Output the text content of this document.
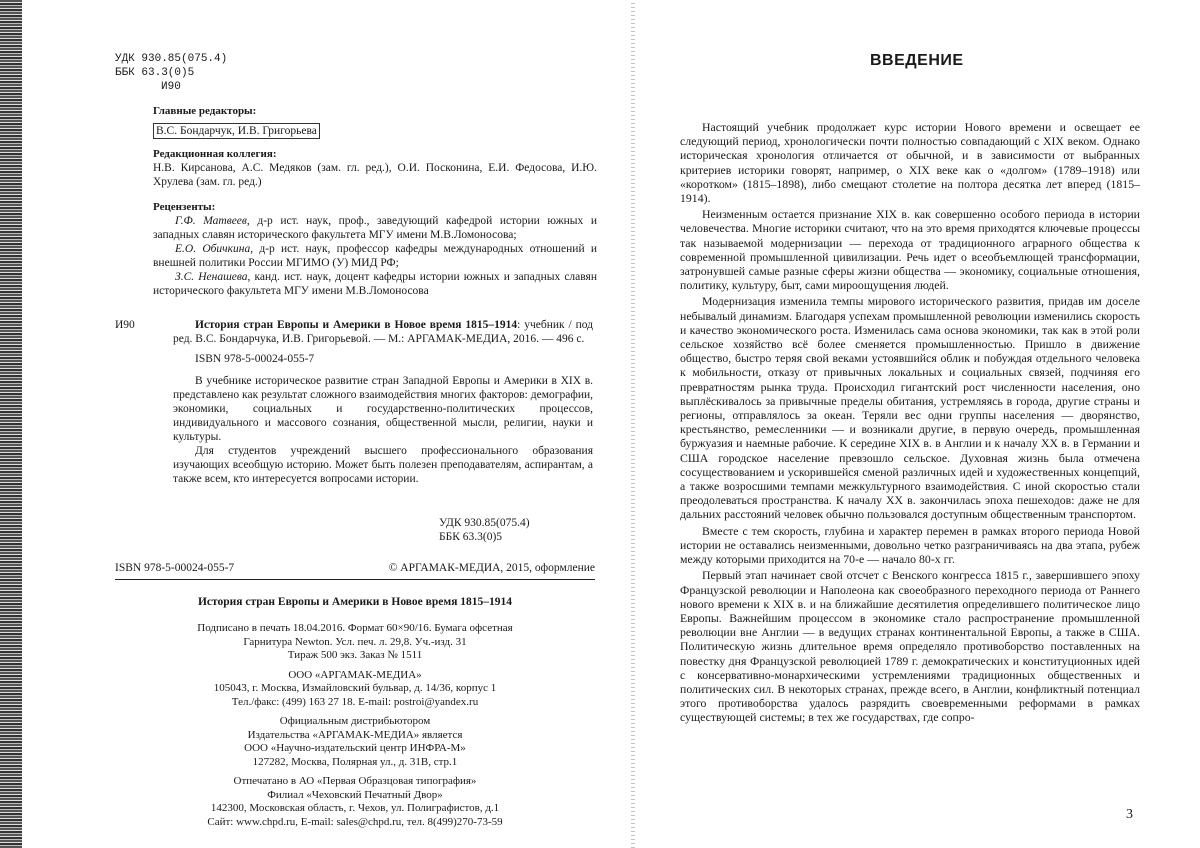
УДК 930.85(075.4)
ББК 63.3(0)5
И90
Главные редакторы:
В.С. Бондарчук, И.В. Григорьева
Редакционная коллегия:
Н.В. Кирсанова, А.С. Медяков (зам. гл. ред.), О.И. Посконина, Е.И. Федосова, И.Ю. Хрулева (зам. гл. ред.)
Рецензенты:
Г.Ф. Матвеев, д-р ист. наук, проф., заведующий кафедрой истории южных и западных славян исторического факультета МГУ имени М.В.Ломоносова;
Е.О. Обичкина, д-р ист. наук, профессор кафедры международных отношений и внешней политики России МГИМО (У) МИД РФ;
З.С. Ненашева, канд. ист. наук, доцент кафедры истории южных и западных славян исторического факультета МГУ имени М.В.Ломоносова
И90	История стран Европы и Америки в Новое время 1815–1914: учебник / под ред. В.С. Бондарчука, И.В. Григорьевой. — М.: АРГАМАК-МЕДИА, 2016. — 496 с.
ISBN 978-5-00024-055-7
В учебнике историческое развитие стран Западной Европы и Америки в XIX в. представлено как результат сложного взаимодействия многих факторов: демографии, экономики, социальных и государственно-политических процессов, индивидуального и массового сознания, общественной мысли, религии, науки и культуры.
Для студентов учреждений высшего профессионального образования изучающих всеобщую историю. Может быть полезен преподавателям, аспирантам, а также всем, кто интересуется вопросами истории.
УДК 930.85(075.4)
ББК 63.3(0)5
ISBN 978-5-00024-055-7	© АРГАМАК-МЕДИА, 2015, оформление
История стран Европы и Америки в Новое время 1815–1914
Подписано в печать 18.04.2016. Формат 60×90/16. Бумага офсетная
Гарнитура Newton. Усл. печ. л. 29,8. Уч.-изд. 31
Тираж 500 экз. Заказ № 1511
ООО «АРГАМАК-МЕДИА»
105043, г. Москва, Измайловский бульвар, д. 14/36, корпус 1
Тел./факс: (499) 163 27 18. E-mail: postroi@yandex.ru
Официальным дистрибьютором
Издательства «АРГАМАК-МЕДИА» является
ООО «Научно-издательский центр ИНФРА-М»
127282, Москва, Полярная ул., д. 31В, стр.1
Отпечатано в АО «Первая Образцовая типография»
Филиал «Чеховский Печатный Двор»
142300, Московская область, г. Чехов, ул. Полиграфистов, д.1
Сайт: www.chpd.ru, E-mail: sales@chpd.ru, тел. 8(499)270-73-59
ВВЕДЕНИЕ

Настоящий учебник продолжает курс истории Нового времени и освещает ее следующий период, хронологически почти полностью совпадающий с XIX веком. Однако историческая хронология отличается от обычной, и в зависимости от выбранных критериев историки говорят, например, о XIX веке как о «долгом» (1789–1918) или «коротком» (1815–1898), либо смещают столетие на полтора десятка лет вперед (1815–1914).

Неизменным остается признание XIX в. как совершенно особого периода в истории человечества. Многие историки считают, что на это время приходятся ключевые процессы так называемой модернизации — перехода от традиционного аграрного общества к современной промышленной цивилизации. Речь идет о всеобъемлющей трансформации, затронувшей самые разные сферы жизни общества — экономику, социальные отношения, политику, культуру, быт, сами мироощущения людей.

Модернизация изменила темпы мирового исторического развития, придав им доселе небывалый динамизм. Благодаря успехам промышленной революции изменились скорость и качество экономического роста. Изменилась сама основа экономики, так как в этой роли сельское хозяйство всё более сменяется промышленностью. Пришло в движение общество, быстро теряя свой веками устоявшийся облик и побуждая отдельного человека к мобильности, отказу от привычных локальных и социальных связей, подчиняя его превратностям рынка труда. Происходил гигантский рост численности населения, оно выплёскивалось за привычные пределы обитания, устремляясь в города, другие страны и регионы, отправлялось за океан. Теряли вес одни группы населения — дворянство, крестьянство, ремесленники — и возникали другие, в первую очередь, промышленная буржуазия и наемные рабочие. К середине XIX в. в Англии и к началу XX в. в Германии и США городское население превзошло сельское. Духовная жизнь была отмечена сосуществованием и ускорившейся сменой различных идей и художественных концепций, а также возросшими темпами межкультурного взаимодействия. С иной скоростью стали преодолеваться пространства. К началу XX в. закончилась эпоха пешеходов: даже не для дальних расстояний человек обычно пользовался доступным общественным транспортом.

Вместе с тем скорость, глубина и характер перемен в рамках второго периода Новой истории не оставались неизменными, довольно четко разграничиваясь на два этапа, рубеж между которыми приходится на 70-е — начало 80-х гг.

Первый этап начинает свой отсчет с Венского конгресса 1815 г., завершившего эпоху Французской революции и Наполеона как своеобразного переходного периода от Раннего нового времени к XIX в. и на ближайшие десятилетия определившего политическое лицо Европы. Важнейшим процессом в экономике стало распространение промышленной революции вне Англии — в ведущих странах континентальной Европы, а также в США. Политическую жизнь длительное время определяло противоборство поставленных на повестку дня Французской революцией 1789 г. демократических и конституционных идей с консервативно-монархическими устремлениями традиционных общественных и политических сил. В некоторых странах, прежде всего, в Англии, конфликтный потенциал этого противоборства удалось разрядить своевременными реформами в рамках существующей системы; в тех же государствах, где сопро-

3
